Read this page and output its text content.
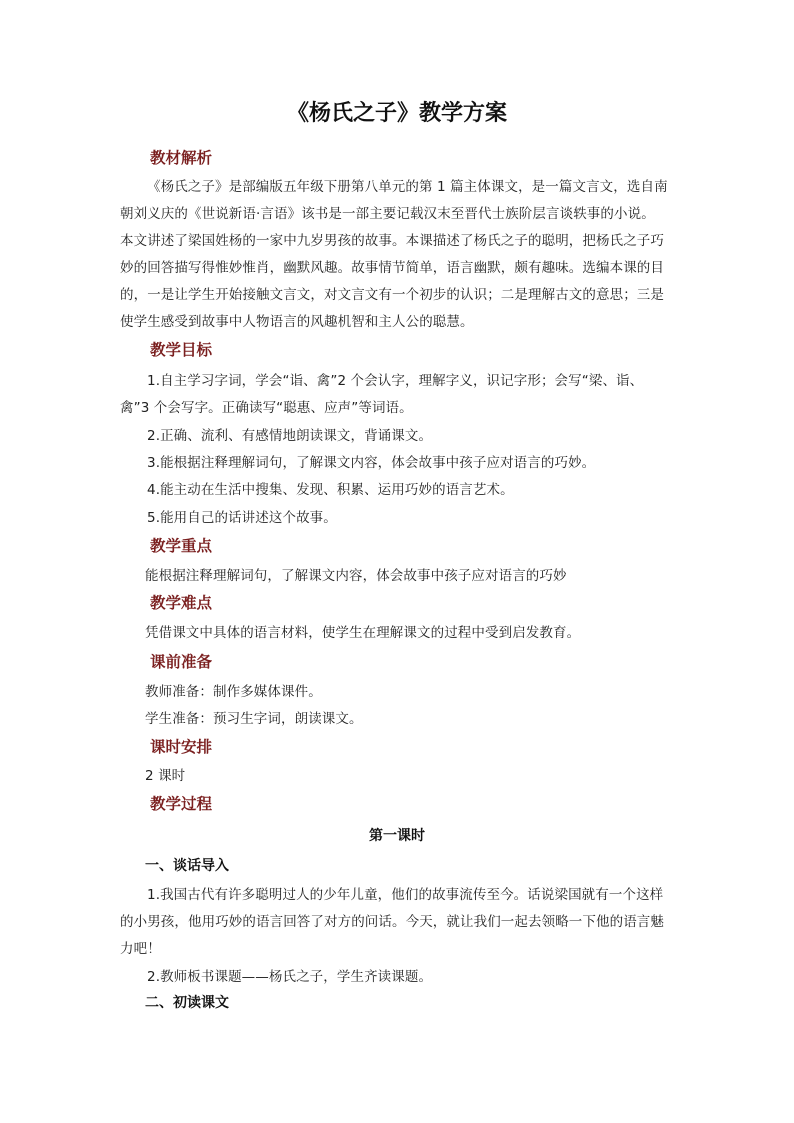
《杨氏之子》教学方案
教材解析
《杨氏之子》是部编版五年级下册第八单元的第 1 篇主体课文，是一篇文言文，选自南
朝刘义庆的《世说新语·言语》该书是一部主要记载汉末至晋代士族阶层言谈轶事的小说。
本文讲述了梁国姓杨的一家中九岁男孩的故事。本课描述了杨氏之子的聪明，把杨氏之子巧
妙的回答描写得惟妙惟肖，幽默风趣。故事情节简单，语言幽默，颇有趣味。选编本课的目
的，一是让学生开始接触文言文，对文言文有一个初步的认识；二是理解古文的意思；三是
使学生感受到故事中人物语言的风趣机智和主人公的聪慧。
教学目标
1.自主学习字词，学会“诣、禽”2 个会认字，理解字义，识记字形；会写“梁、诣、
禽”3 个会写字。正确读写“聪惠、应声”等词语。
2.正确、流利、有感情地朗读课文，背诵课文。
3.能根据注释理解词句，了解课文内容，体会故事中孩子应对语言的巧妙。
4.能主动在生活中搜集、发现、积累、运用巧妙的语言艺术。
5.能用自己的话讲述这个故事。
教学重点
能根据注释理解词句，了解课文内容，体会故事中孩子应对语言的巧妙
教学难点
凭借课文中具体的语言材料，使学生在理解课文的过程中受到启发教育。
课前准备
教师准备：制作多媒体课件。
学生准备：预习生字词，朗读课文。
课时安排
2 课时
教学过程
第一课时
一、谈话导入
1.我国古代有许多聪明过人的少年儿童，他们的故事流传至今。话说梁国就有一个这样
的小男孩，他用巧妙的语言回答了对方的问话。今天，就让我们一起去领略一下他的语言魅
力吧！
2.教师板书课题——杨氏之子，学生齐读课题。
二、初读课文
